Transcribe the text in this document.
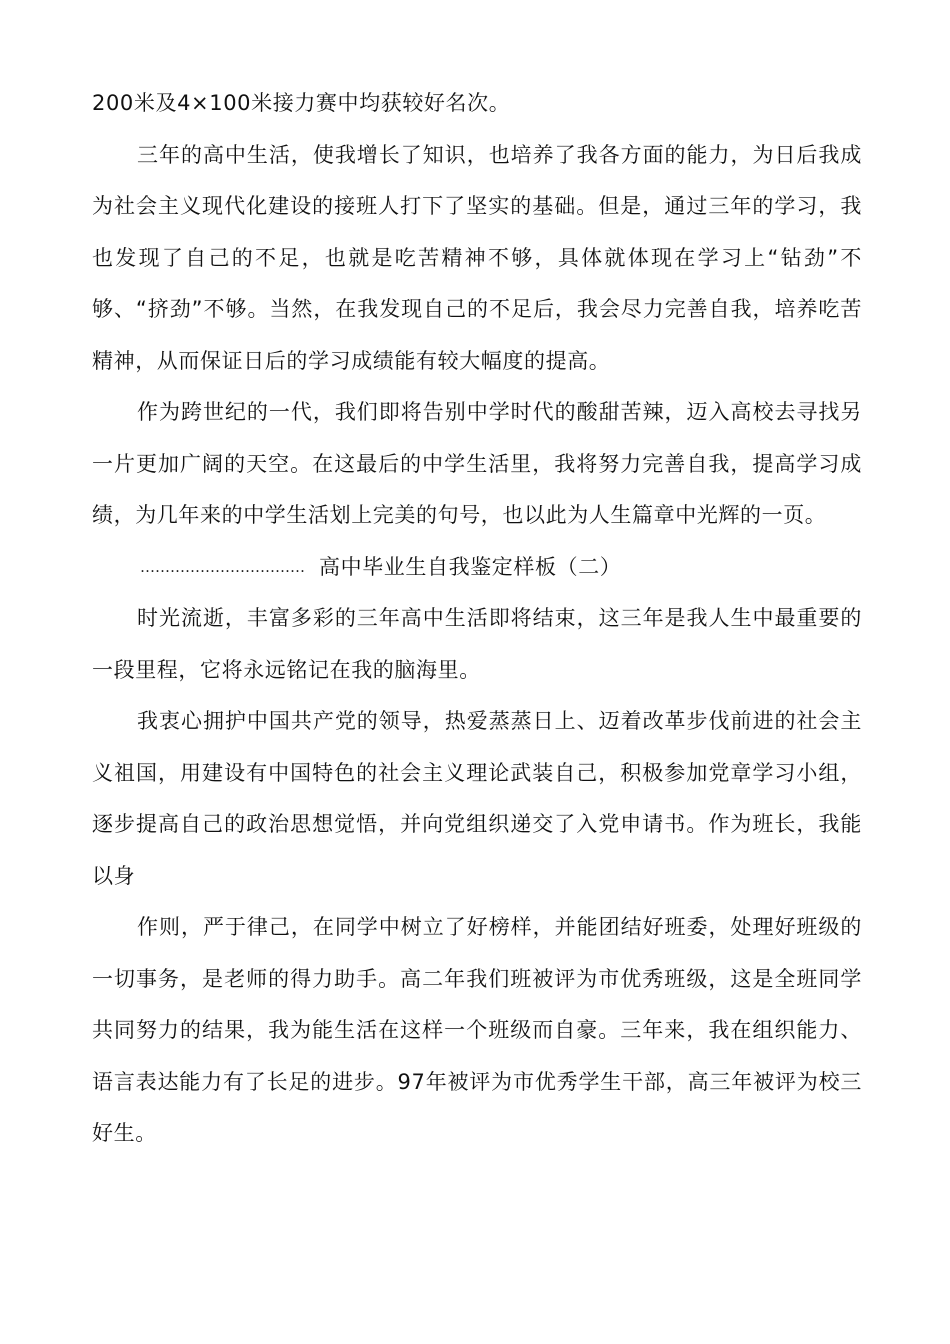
200米及4×100米接力赛中均获较好名次。

三年的高中生活，使我增长了知识，也培养了我各方面的能力，为日后我成为社会主义现代化建设的接班人打下了坚实的基础。但是，通过三年的学习，我也发现了自己的不足，也就是吃苦精神不够，具体就体现在学习上“钻劲”不够、“挤劲”不够。当然，在我发现自己的不足后，我会尽力完善自我，培养吃苦精神，从而保证日后的学习成绩能有较大幅度的提高。

作为跨世纪的一代，我们即将告别中学时代的酸甜苦辣，迈入高校去寻找另一片更加广阔的天空。在这最后的中学生活里，我将努力完善自我，提高学习成绩，为几年来的中学生活划上完美的句号，也以此为人生篇章中光辉的一页。

…………………………… 高中毕业生自我鉴定样板（二）

时光流逝，丰富多彩的三年高中生活即将结束，这三年是我人生中最重要的一段里程，它将永远铭记在我的脑海里。

我衷心拥护中国共产党的领导，热爱蒸蒸日上、迈着改革步伐前进的社会主义祖国，用建设有中国特色的社会主义理论武装自己，积极参加党章学习小组，逐步提高自己的政治思想觉悟，并向党组织递交了入党申请书。作为班长，我能以身

作则，严于律己，在同学中树立了好榜样，并能团结好班委，处理好班级的一切事务，是老师的得力助手。高二年我们班被评为市优秀班级，这是全班同学共同努力的结果，我为能生活在这样一个班级而自豪。三年来，我在组织能力、语言表达能力有了长足的进步。97年被评为市优秀学生干部，高三年被评为校三好生。
